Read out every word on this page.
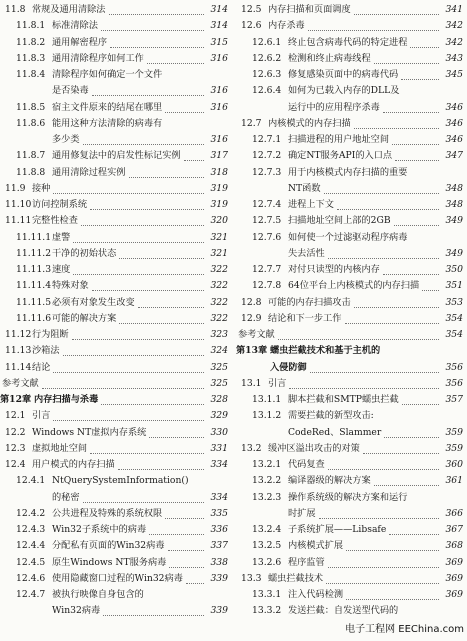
11.8 常规及通用清除法	314
11.8.1 标准清除法	314
11.8.2 通用解密程序	315
11.8.3 通用清除程序如何工作	316
11.8.4 清除程序如何确定一个文件
是否染毒	316
11.8.5 宿主文件原来的结尾在哪里	316
11.8.6 能用这种方法清除的病毒有
多少类	316
11.8.7 通用修复法中的启发性标记实例	317
11.8.8 通用清除过程实例	318
11.9 接种	319
11.10 访问控制系统	319
11.11 完整性检查	320
11.11.1 虚警	321
11.11.2 干净的初始状态	321
11.11.3 速度	322
11.11.4 特殊对象	322
11.11.5 必须有对象发生改变	322
11.11.6 可能的解决方案	322
11.12 行为阻断	323
11.13 沙箱法	324
11.14 结论	325
参考文献	325
第12章 内存扫描与杀毒	328
12.1 引言	329
12.2 Windows NT虚拟内存系统	330
12.3 虚拟地址空间	331
12.4 用户模式的内存扫描	334
12.4.1 NtQuerySystemInformation()
的秘密	334
12.4.2 公共进程及特殊的系统权限	335
12.4.3 Win32子系统中的病毒	336
12.4.4 分配私有页面的Win32病毒	337
12.4.5 原生Windows NT服务病毒	338
12.4.6 使用隐藏窗口过程的Win32病毒	339
12.4.7 被执行映像自身包含的
Win32病毒	339
12.5 内存扫描和页面调度	341
12.6 内存杀毒	342
12.6.1 终止包含病毒代码的特定进程	342
12.6.2 检测和终止病毒线程	343
12.6.3 修复感染页面中的病毒代码	345
12.6.4 如何为已载入内存的DLL及
运行中的应用程序杀毒	346
12.7 内核模式的内存扫描	346
12.7.1 扫描进程的用户地址空间	346
12.7.2 确定NT服务API的入口点	347
12.7.3 用于内核模式内存扫描的重要
NT函数	348
12.7.4 进程上下文	348
12.7.5 扫描地址空间上部的2GB	349
12.7.6 如何使一个过滤驱动程序病毒
失去活性	349
12.7.7 对付只读型的内核内存	350
12.7.8 64位平台上内核模式的内存扫描	351
12.8 可能的内存扫描攻击	353
12.9 结论和下一步工作	354
参考文献	354
第13章 蠕虫拦截技术和基于主机的
入侵防御	356
13.1 引言	356
13.1.1 脚本拦截和SMTP蠕虫拦截	357
13.1.2 需要拦截的新型攻击:
CodeRed、Slammer	359
13.2 缓冲区溢出攻击的对策	359
13.2.1 代码复查	360
13.2.2 编译器级的解决方案	361
13.2.3 操作系统级的解决方案和运行
时扩展	366
13.2.4 子系统扩展——Libsafe	367
13.2.5 内核模式扩展	368
13.2.6 程序监管	369
13.3 蠕虫拦截技术	369
13.3.1 注入代码检测	369
13.3.2 发送拦截：自发送型代码的
电子工程网 EEChina.com
